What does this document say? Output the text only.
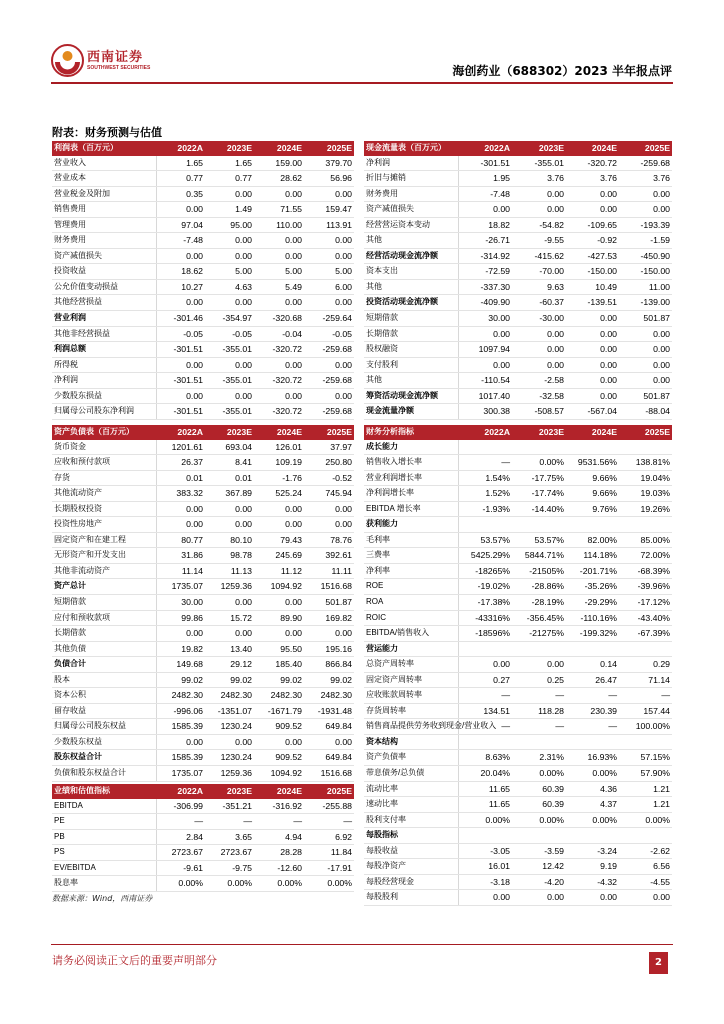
西南证券
SOUTHWEST SECURITIES	海创药业（688302）2023 半年报点评
附表：财务预测与估值
利润表（百万元）	2022A	2023E	2024E	2025E
营业收入	1.65	1.65	159.00	379.70
营业成本	0.77	0.77	28.62	56.96
营业税金及附加	0.35	0.00	0.00	0.00
销售费用	0.00	1.49	71.55	159.47
管理费用	97.04	95.00	110.00	113.91
财务费用	-7.48	0.00	0.00	0.00
资产减值损失	0.00	0.00	0.00	0.00
投资收益	18.62	5.00	5.00	5.00
公允价值变动损益	10.27	4.63	5.49	6.00
其他经营损益	0.00	0.00	0.00	0.00
营业利润	-301.46	-354.97	-320.68	-259.64
其他非经营损益	-0.05	-0.05	-0.04	-0.05
利润总额	-301.51	-355.01	-320.72	-259.68
所得税	0.00	0.00	0.00	0.00
净利润	-301.51	-355.01	-320.72	-259.68
少数股东损益	0.00	0.00	0.00	0.00
归属母公司股东净利润	-301.51	-355.01	-320.72	-259.68
现金流量表（百万元）	2022A	2023E	2024E	2025E
净利润	-301.51	-355.01	-320.72	-259.68
折旧与摊销	1.95	3.76	3.76	3.76
财务费用	-7.48	0.00	0.00	0.00
资产减值损失	0.00	0.00	0.00	0.00
经营营运资本变动	18.82	-54.82	-109.65	-193.39
其他	-26.71	-9.55	-0.92	-1.59
经营活动现金流净额	-314.92	-415.62	-427.53	-450.90
资本支出	-72.59	-70.00	-150.00	-150.00
其他	-337.30	9.63	10.49	11.00
投资活动现金流净额	-409.90	-60.37	-139.51	-139.00
短期借款	30.00	-30.00	0.00	501.87
长期借款	0.00	0.00	0.00	0.00
股权融资	1097.94	0.00	0.00	0.00
支付股利	0.00	0.00	0.00	0.00
其他	-110.54	-2.58	0.00	0.00
筹资活动现金流净额	1017.40	-32.58	0.00	501.87
现金流量净额	300.38	-508.57	-567.04	-88.04
资产负债表（百万元）	2022A	2023E	2024E	2025E
货币资金	1201.61	693.04	126.01	37.97
应收和预付款项	26.37	8.41	109.19	250.80
存货	0.01	0.01	-1.76	-0.52
其他流动资产	383.32	367.89	525.24	745.94
长期股权投资	0.00	0.00	0.00	0.00
投资性房地产	0.00	0.00	0.00	0.00
固定资产和在建工程	80.77	80.10	79.43	78.76
无形资产和开发支出	31.86	98.78	245.69	392.61
其他非流动资产	11.14	11.13	11.12	11.11
资产总计	1735.07	1259.36	1094.92	1516.68
短期借款	30.00	0.00	0.00	501.87
应付和预收款项	99.86	15.72	89.90	169.82
长期借款	0.00	0.00	0.00	0.00
其他负债	19.82	13.40	95.50	195.16
负债合计	149.68	29.12	185.40	866.84
股本	99.02	99.02	99.02	99.02
资本公积	2482.30	2482.30	2482.30	2482.30
留存收益	-996.06	-1351.07	-1671.79	-1931.48
归属母公司股东权益	1585.39	1230.24	909.52	649.84
少数股东权益	0.00	0.00	0.00	0.00
股东权益合计	1585.39	1230.24	909.52	649.84
负债和股东权益合计	1735.07	1259.36	1094.92	1516.68
财务分析指标	2022A	2023E	2024E	2025E
成长能力				
销售收入增长率	—	0.00%	9531.56%	138.81%
营业利润增长率	1.54%	-17.75%	9.66%	19.04%
净利润增长率	1.52%	-17.74%	9.66%	19.03%
EBITDA 增长率	-1.93%	-14.40%	9.76%	19.26%
获利能力				
毛利率	53.57%	53.57%	82.00%	85.00%
三费率	5425.29%	5844.71%	114.18%	72.00%
净利率	-18265%	-21505%	-201.71%	-68.39%
ROE	-19.02%	-28.86%	-35.26%	-39.96%
ROA	-17.38%	-28.19%	-29.29%	-17.12%
ROIC	-43316%	-356.45%	-110.16%	-43.40%
EBITDA/销售收入	-18596%	-21275%	-199.32%	-67.39%
营运能力				
总资产周转率	0.00	0.00	0.14	0.29
固定资产周转率	0.27	0.25	26.47	71.14
应收账款周转率	—	—	—	—
存货周转率	134.51	118.28	230.39	157.44
销售商品提供劳务收到现金/营业收入	—	—	—	100.00%
资本结构				
资产负债率	8.63%	2.31%	16.93%	57.15%
带息债务/总负债	20.04%	0.00%	0.00%	57.90%
流动比率	11.65	60.39	4.36	1.21
速动比率	11.65	60.39	4.37	1.21
股利支付率	0.00%	0.00%	0.00%	0.00%
每股指标				
每股收益	-3.05	-3.59	-3.24	-2.62
每股净资产	16.01	12.42	9.19	6.56
每股经营现金	-3.18	-4.20	-4.32	-4.55
每股股利	0.00	0.00	0.00	0.00
业绩和估值指标	2022A	2023E	2024E	2025E
EBITDA	-306.99	-351.21	-316.92	-255.88
PE	—	—	—	—
PB	2.84	3.65	4.94	6.92
PS	2723.67	2723.67	28.28	11.84
EV/EBITDA	-9.61	-9.75	-12.60	-17.91
股息率	0.00%	0.00%	0.00%	0.00%
数据来源：Wind，西南证券
请务必阅读正文后的重要声明部分	2
